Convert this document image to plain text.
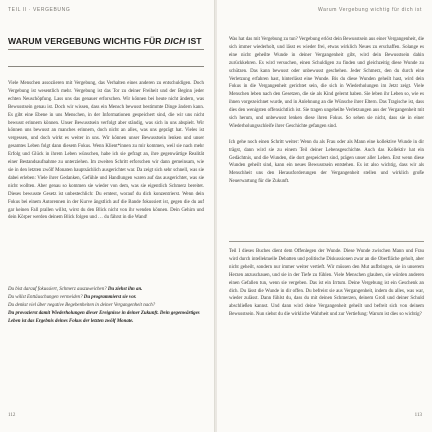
TEIL II · VERGEBUNG
WARUM VERGEBUNG WICHTIG FÜR DICH IST

Viele Menschen assoziieren mit Vergebung, das Verhalten eines anderen zu entschuldigen. Doch Vergebung ist wesentlich mehr. Vergebung ist das Tor zu deiner Freiheit und der Beginn jeder echten Neuschöpfung. Lass uns das genauer erforschen. Wir können bei heute nicht ändern, was Bewusstsein genau ist. Doch wir wissen, dass ein Mensch bewusst bestimmte Dinge ändern kann. Es gibt eine Ebene in uns Menschen, in der Informationen gespeichert sind, die wir uns nicht bewusst erinnern können. Unser Bewusstsein verfolgt aber ständig, was sich in uns abspielt. Wir können uns bewusst an manches erinnern, doch nicht an alles, was uns geprägt hat. Vieles ist vergessen, und doch wirkt es weiter in uns. Wir können unser Bewusstsein lenken und unser gesamtes Leben folgt dann diesem Fokus. Wenn Klient*innen zu mir kommen, weil sie nach mehr Erfolg und Glück in ihrem Leben wünschen, habe ich sie gefragt an, ihre gegenwärtige Realität einer Bestandsaufnahme zu unterziehen. Im zweiten Schritt erforschen wir dann gemeinsam, wie sie in den letzten zwölf Monaten hauptsächlich ausgerichtet war. Da zeigt sich sehr schnell, was sie dabei erleben: Viele ihrer Gedanken, Gefühle und Handlungen waren auf das ausgerichtet, was sie nicht wollten. Aber genau so kommen sie wieder von dem, was sie eigentlich Schmerz bereitet. Dieses bewusste Gesetz ist unbestechlich: Du erntest, worauf du dich konzentrierst. Wenn dein Fokus bei einem Autorennen in der Kurve ängstlich auf die Bande fokussiert ist, gegen die du auf gar keinen Fall prallen willst, wirst du den Blick nicht von ihr wenden können. Dein Gehirn und dein Körper werden deinem Blick folgen und … du fährst in die Wand!

Du bist darauf fokussiert, Schmerz auszuweichen? Du ziehst ihn an.
Du willst Enttäuschungen vermeiden? Du programmierst sie vor.
Du denkst viel über negative Begebenheiten in deiner Vergangenheit nach?
Du provozierst damit Wiederholungen dieser Ereignisse in deiner Zukunft. Dein gegenwärtiges Leben ist das Ergebnis deines Fokus der letzten zwölf Monate.
112
Warum Vergebung wichtig für dich ist

Was hat das mit Vergebung zu tun? Vergebung erlöst dein Bewusstsein aus einer Vergangenheit, die sich immer wiederholt, und lässt es wieder frei, etwas wirklich Neues zu erschaffen. Solange es eine nicht geheilte Wunde in deiner Vergangenheit gibt, wird dein Bewusstsein dahin zurückkehren. Es wird versuchen, einen Schuldigen zu finden und gleichzeitig diese Wunde zu schützen. Das kann bewusst oder unbewusst geschehen. Jeder Schmerz, den du durch eine Verletzung erfahren hast, hinterlässt eine Wunde. Bis du diese Wunden geheilt hast, wird dein Fokus in die Vergangenheit gerichtet sein, die sich in Wiederholungen im Jetzt zeigt. Viele Menschen leben nach den Gesetzen, die sie als Kind gelernt haben. Sie leben ihr Leben so, wie es ihnen vorgezeichnet wurde, und in Anlehnung an die Wünsche ihrer Eltern. Das Tragische ist, dass dies den wenigsten offensichtlich ist. Sie tragen ungeheilte Verletzungen aus der Vergangenheit mit sich herum, und unbewusst lenken diese ihren Fokus. So sehen sie nicht, dass sie in einer Wiederholungsschleife ihrer Geschichte gefangen sind.

Ich gehe noch einen Schritt weiter: Wenn du als Frau oder als Mann eine kollektive Wunde in dir trägst, dann wird sie zu einem Teil deiner Lebensgeschichte. Auch das Kollektiv hat ein Gedächtnis, und die Wunden, die dort gespeichert sind, prägen unser aller Leben. Erst wenn diese Wunden geheilt sind, kann ein neues Bewusstsein entstehen. Es ist also wichtig, dass wir als Menschheit uns den Herausforderungen der Vergangenheit stellen und wirklich große Neuerwartung für die Zukunft.

Teil I dieses Buches dient dem Offenlegen der Wunde. Diese Wunde zwischen Mann und Frau wird durch intellektuelle Debatten und politische Diskussionen zwar an die Oberfläche geholt, aber nicht geheilt, sondern nur immer weiter vertieft. Wir müssen den Mut aufbringen, sie in unserem Herzen anzuschauen, und sie in der Tiefe zu fühlen. Viele Menschen glauben, sie würden anderen einen Gefallen tun, wenn sie vergeben. Das ist ein Irrtum. Deine Vergebung ist ein Geschenk an dich. Du lässt die Wunde in dir offen. Du befreist sie aus Vergangenheit, indem du alles, was war, wieder zulässt. Dann fühlst du, dass du mit deinen Schmerzen, deinem Groll und deiner Schuld abschließen kannst. Und dann wird deine Vergangenheit geheilt und befreit sich von deinem Bewusstsein. Nun siehst du die wirkliche Wahrheit und zur Vertiefung: Warum ist dies so wichtig?

113
